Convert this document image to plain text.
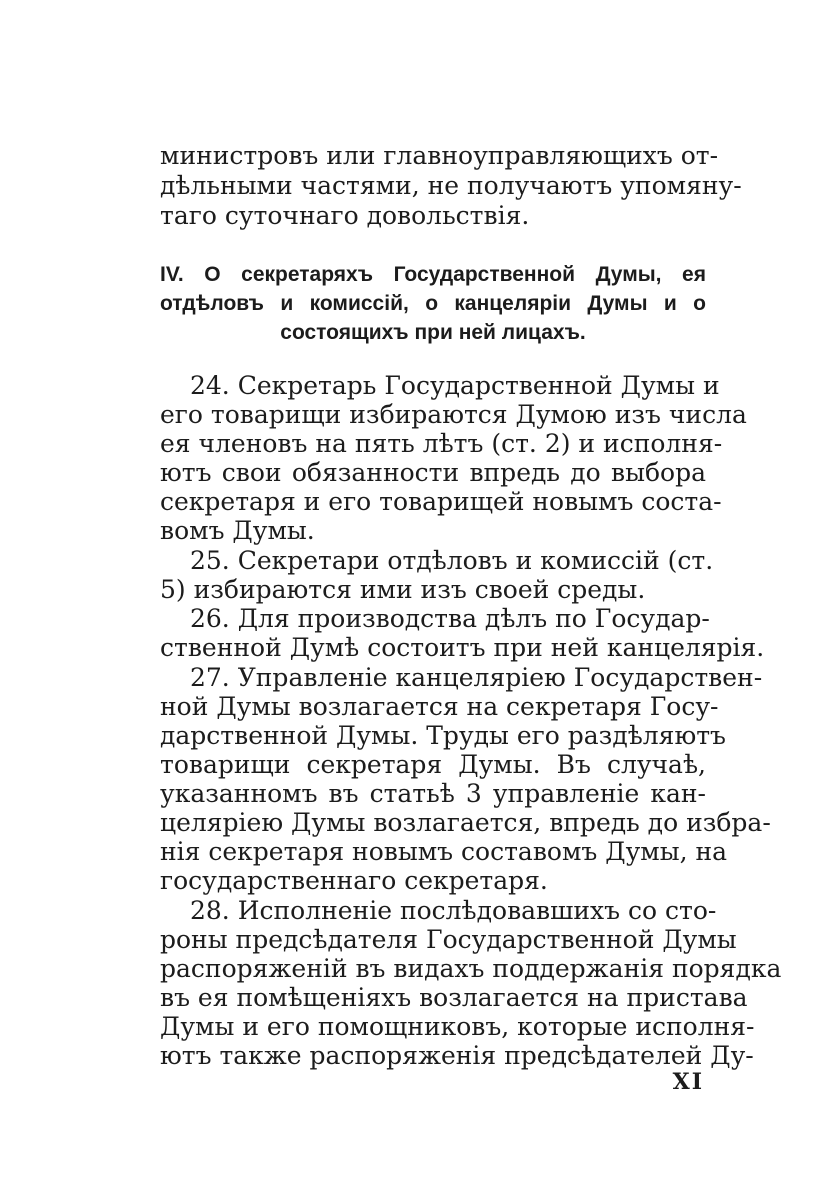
министровъ или главноуправляющихъ от-
дѣльными частями, не получаютъ упомяну-
таго суточнаго довольствія.
IV. О секретаряхъ Государственной Думы, ея
отдѣловъ и комиссій, о канцеляріи Думы и о
состоящихъ при ней лицахъ.
24. Секретарь Государственной Думы и
его товарищи избираются Думою изъ числа
ея членовъ на пять лѣтъ (ст. 2) и исполня-
ютъ свои обязанности впредь до выбора
секретаря и его товарищей новымъ соста-
вомъ Думы.
25. Секретари отдѣловъ и комиссій (ст.
5) избираются ими изъ своей среды.
26. Для производства дѣлъ по Государ-
ственной Думѣ состоитъ при ней канцелярія.
27. Управленіе канцеляріею Государствен-
ной Думы возлагается на секретаря Госу-
дарственной Думы. Труды его раздѣляютъ
товарищи секретаря Думы. Въ случаѣ,
указанномъ въ статьѣ 3 управленіе кан-
целяріею Думы возлагается, впредь до избра-
нія секретаря новымъ составомъ Думы, на
государственнаго секретаря.
28. Исполненіе послѣдовавшихъ со сто-
роны предсѣдателя Государственной Думы
распоряженій въ видахъ поддержанія порядка
въ ея помѣщеніяхъ возлагается на пристава
Думы и его помощниковъ, которые исполня-
ютъ также распоряженія предсѣдателей Ду-
XI
